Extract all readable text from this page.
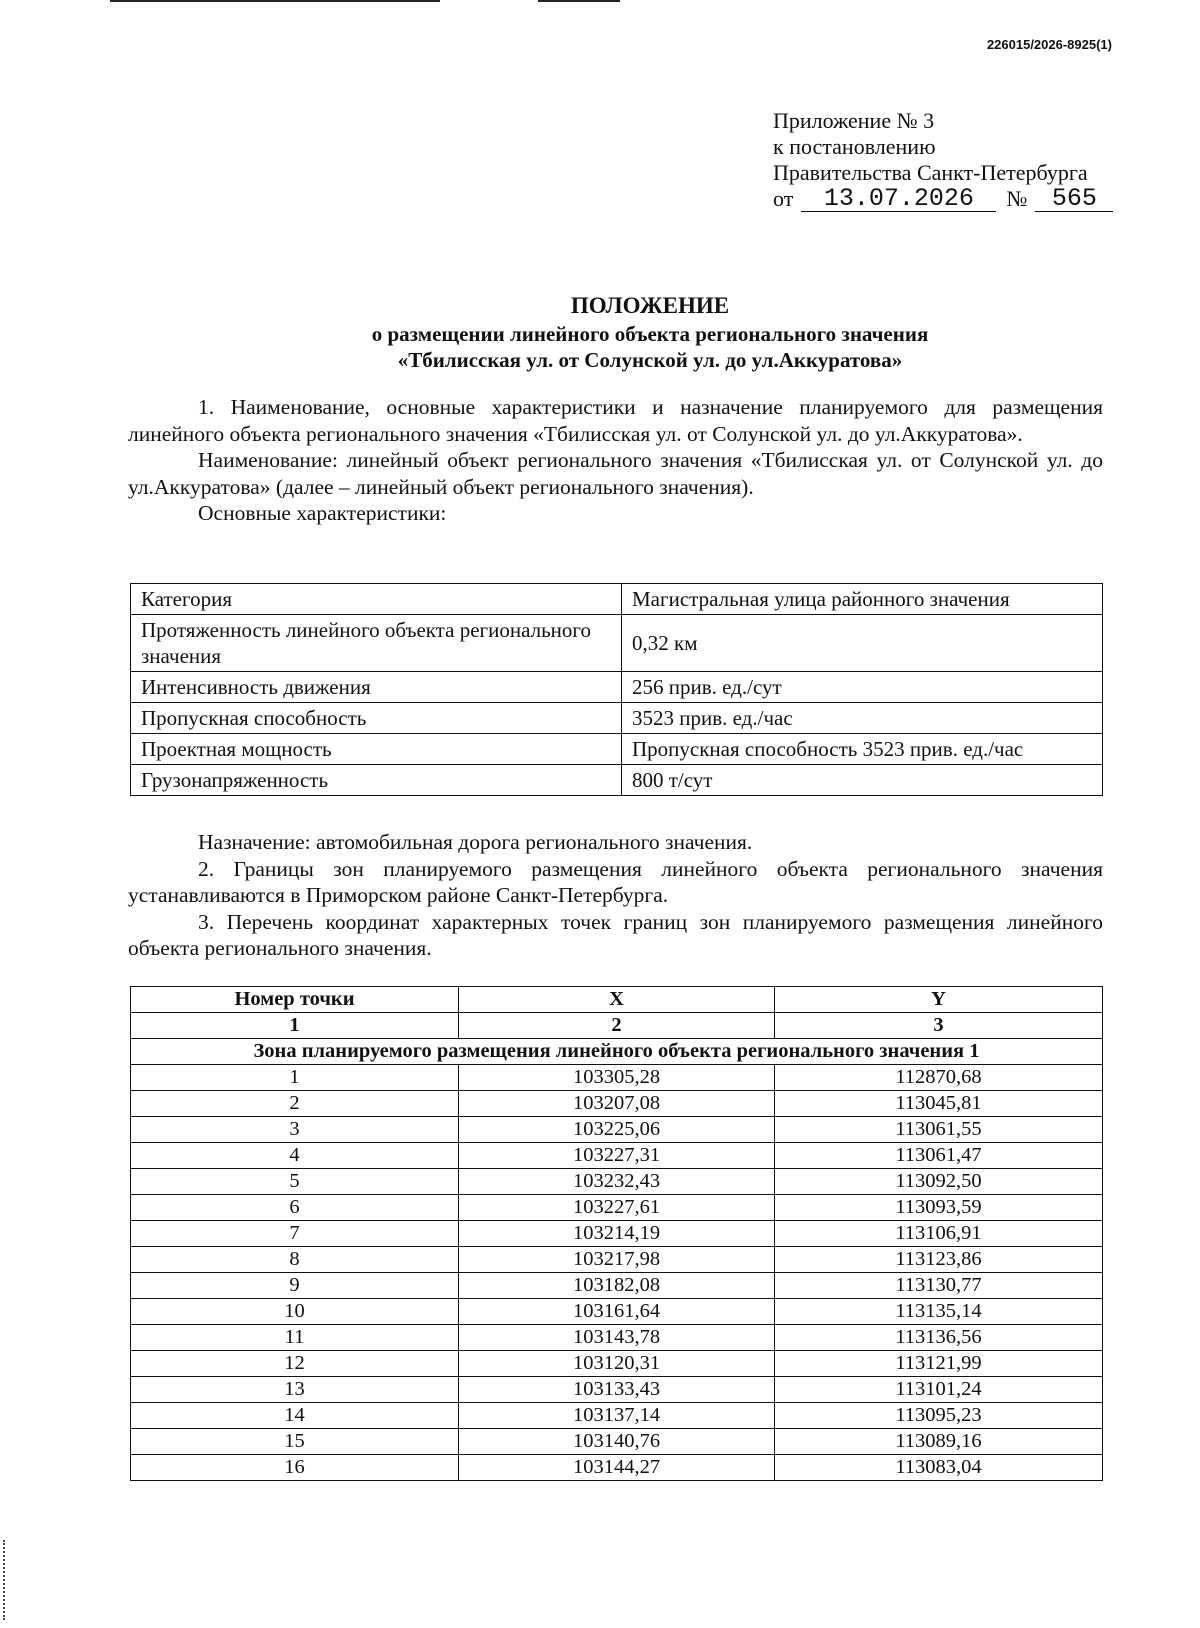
226015/2026-8925(1)
Приложение № 3
к постановлению
Правительства Санкт-Петербурга
от	13.07.2026	№ 565
ПОЛОЖЕНИЕ
о размещении линейного объекта регионального значения
«Тбилисская ул. от Солунской ул. до ул.Аккуратова»

1. Наименование, основные характеристики и назначение планируемого для размещения линейного объекта регионального значения «Тбилисская ул. от Солунской ул. до ул.Аккуратова».

Наименование: линейный объект регионального значения «Тбилисская ул. от Солунской ул. до ул.Аккуратова» (далее – линейный объект регионального значения).

Основные характеристики:

Категория	Магистральная улица районного значения
Протяженность линейного объекта регионального значения	0,32 км
Интенсивность движения	256 прив. ед./сут
Пропускная способность	3523 прив. ед./час
Проектная мощность	Пропускная способность 3523 прив. ед./час
Грузонапряженность	800 т/сут

Назначение: автомобильная дорога регионального значения.

2. Границы зон планируемого размещения линейного объекта регионального значения устанавливаются в Приморском районе Санкт-Петербурга.

3. Перечень координат характерных точек границ зон планируемого размещения линейного объекта регионального значения.

Номер точки	X	Y
1	2	3
Зона планируемого размещения линейного объекта регионального значения 1		
1	103305,28	112870,68
2	103207,08	113045,81
3	103225,06	113061,55
4	103227,31	113061,47
5	103232,43	113092,50
6	103227,61	113093,59
7	103214,19	113106,91
8	103217,98	113123,86
9	103182,08	113130,77
10	103161,64	113135,14
11	103143,78	113136,56
12	103120,31	113121,99
13	103133,43	113101,24
14	103137,14	113095,23
15	103140,76	113089,16
16	103144,27	113083,04
